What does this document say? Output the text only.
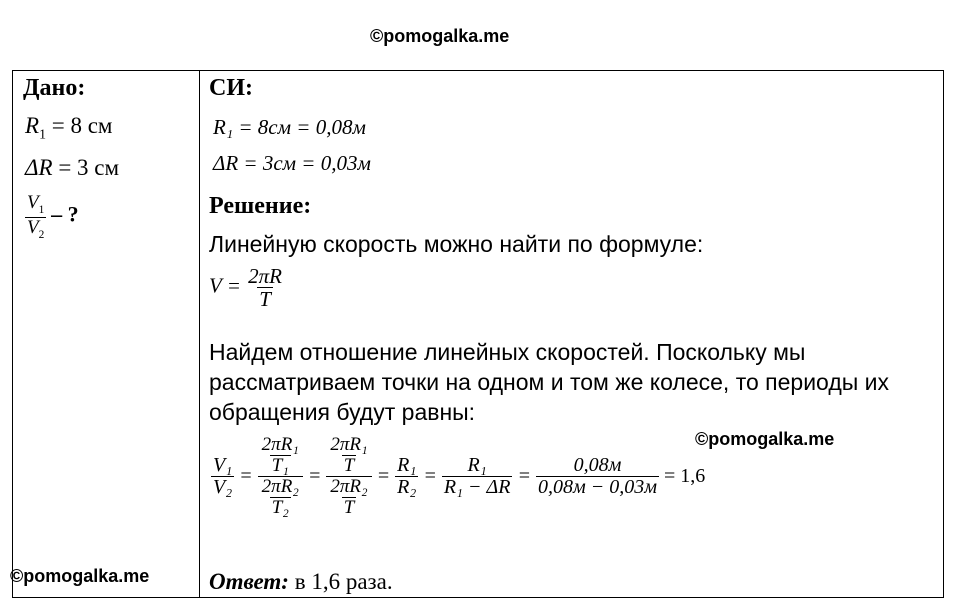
©pomogalka.me
Дано:
$R_1 = 8$ см
ΔR = 3 см
$\frac{V_1}{V_2}$ – ?
СИ:
R₁ = 8см = 0,08м
ΔR = 3см = 0,03м
Решение:
Линейную скорость можно найти по формуле:
$V = \frac{2\pi R}{T}$
Найдем отношение линейных скоростей. Поскольку мы
рассматриваем точки на одном и том же колесе, то периоды их
обращения будут равны:
©pomogalka.me
$\frac{\text{V₁}}{\text{V₂}} = \frac{\frac{\text{2πR₁}}{\text{T₁}}}{\frac{\text{2πR₂}}{\text{T₂}}} = \frac{\frac{\text{2πR₁}}{T}}{\frac{\text{2πR₂}}{T}} = \frac{\text{R₁}}{\text{R₂}} = \frac{\text{R₁}}{\text{R₁ − ΔR}} = \frac{0,08м}{0,08м - 0,03м} = 1,6$
Ответ: в 1,6 раза.
©pomogalka.me
